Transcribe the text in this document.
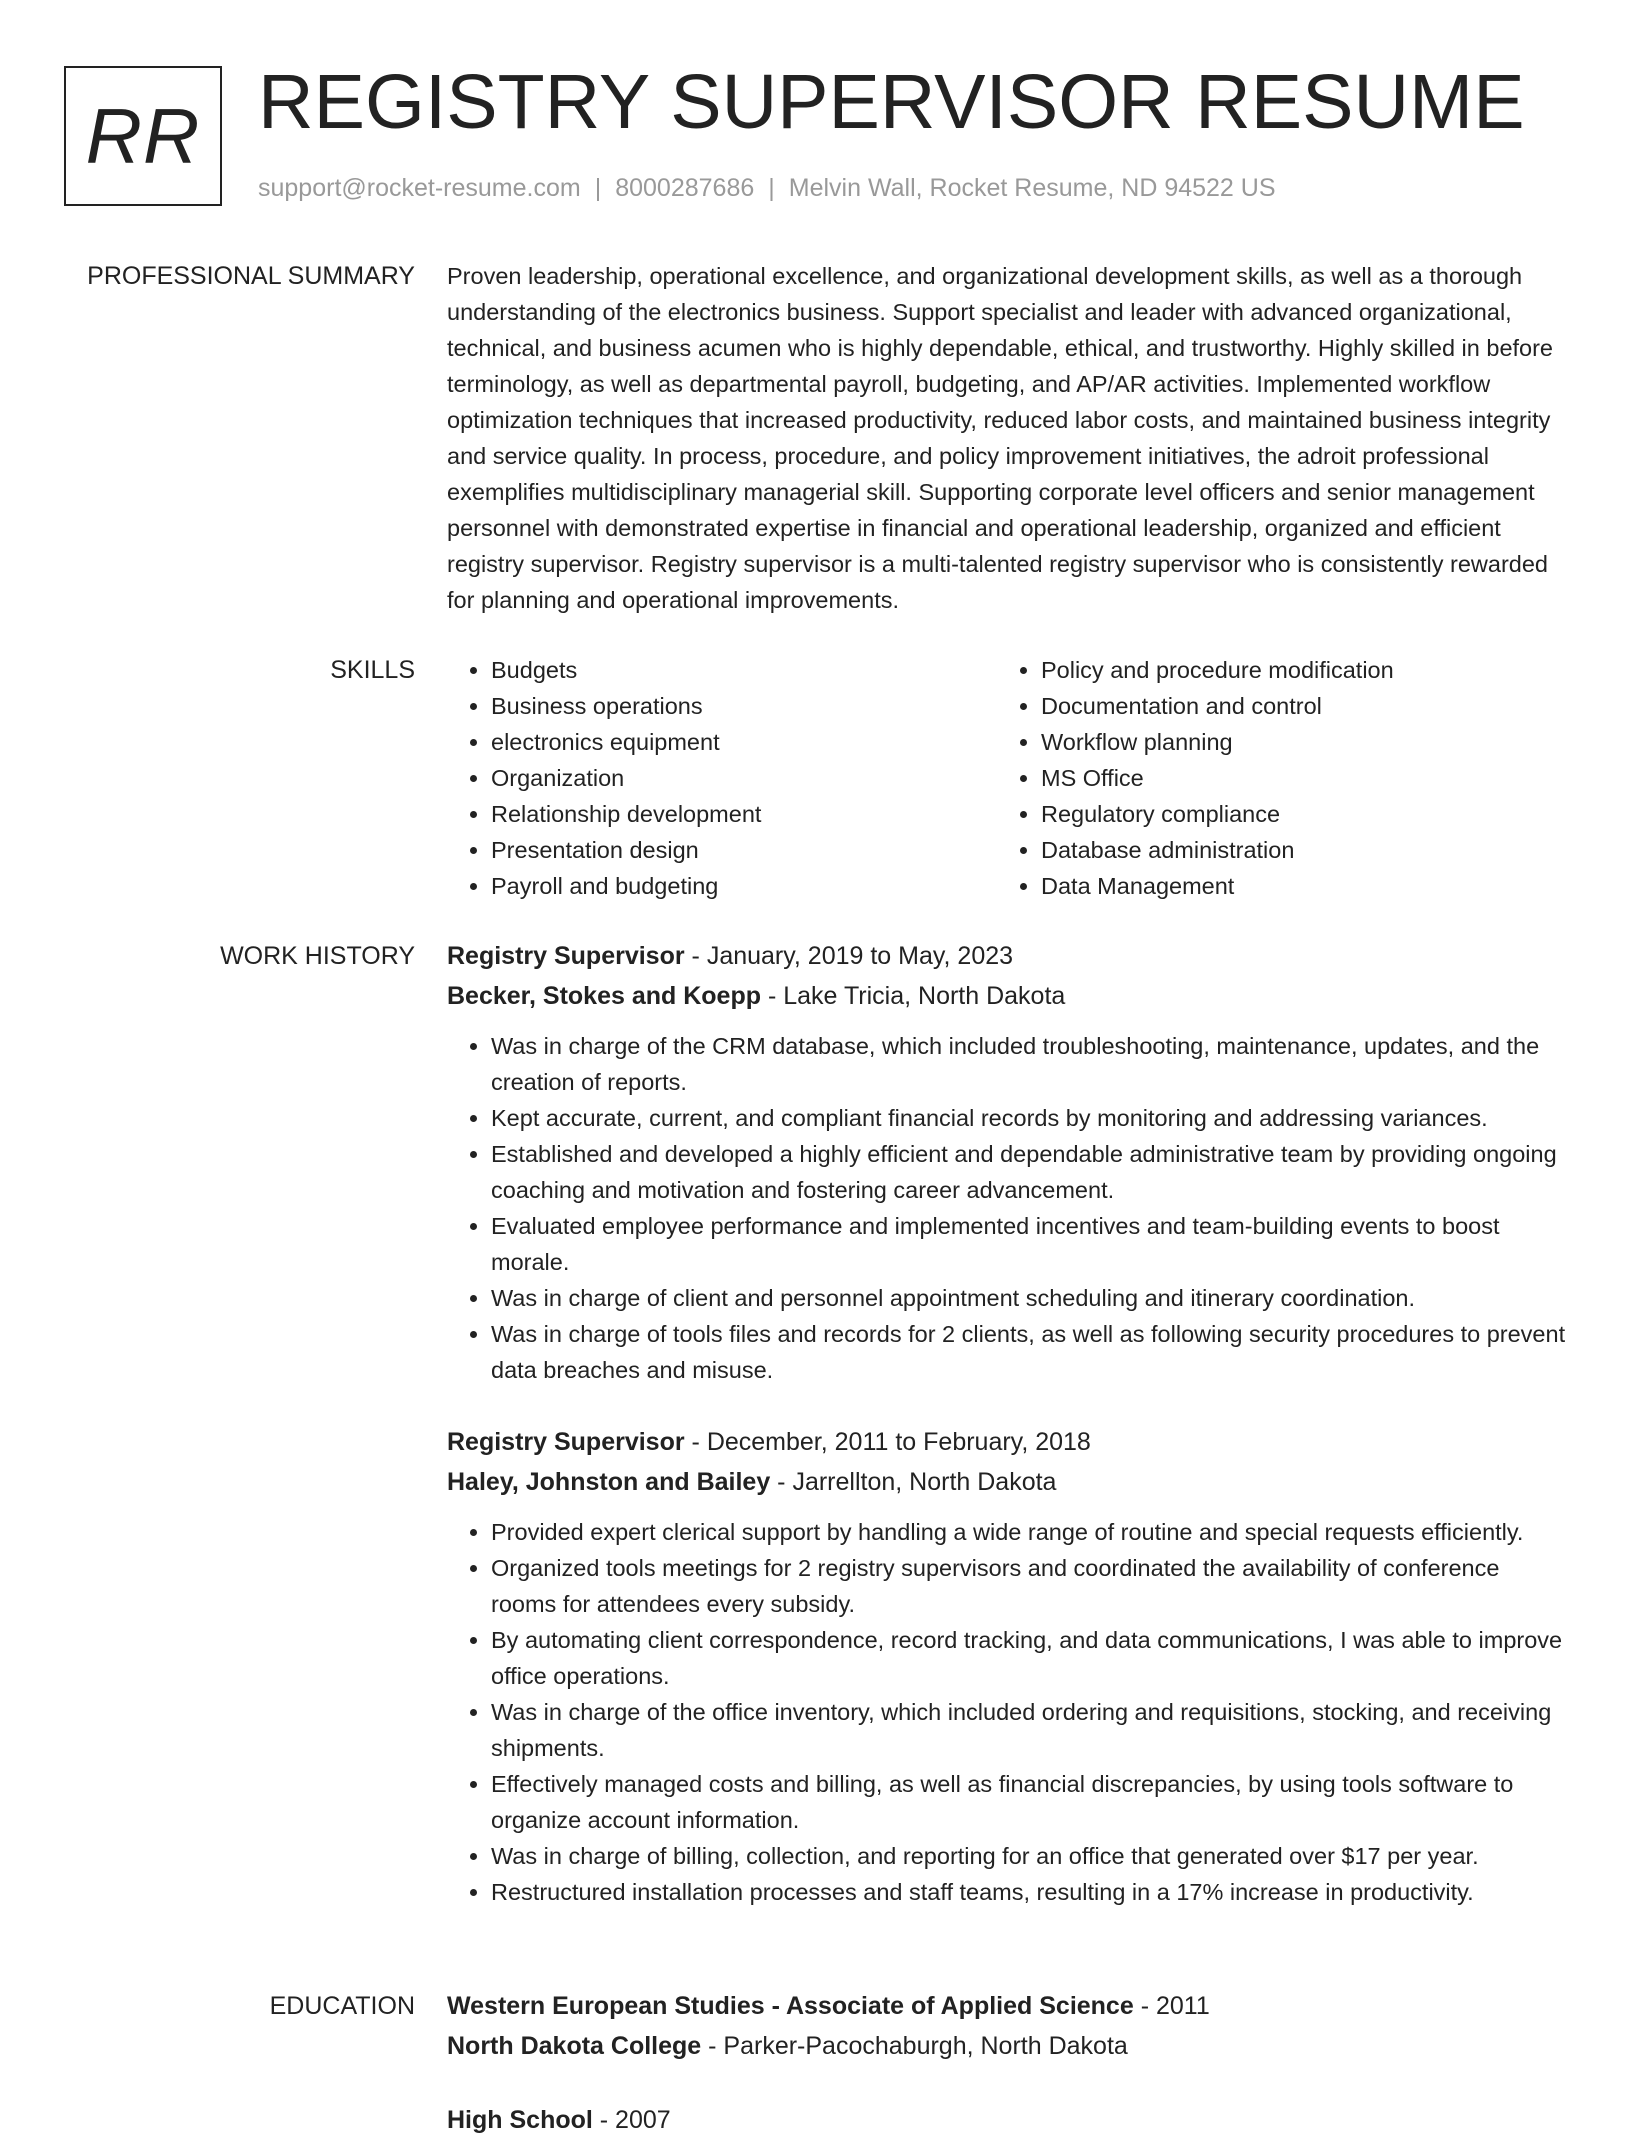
RR REGISTRY SUPERVISOR RESUME
support@rocket-resume.com | 8000287686 | Melvin Wall, Rocket Resume, ND 94522 US
PROFESSIONAL SUMMARY Proven leadership, operational excellence, and organizational development skills, as well as a thorough understanding of the electronics business. Support specialist and leader with advanced organizational, technical, and business acumen who is highly dependable, ethical, and trustworthy. Highly skilled in before terminology, as well as departmental payroll, budgeting, and AP/AR activities. Implemented workflow optimization techniques that increased productivity, reduced labor costs, and maintained business integrity and service quality. In process, procedure, and policy improvement initiatives, the adroit professional exemplifies multidisciplinary managerial skill. Supporting corporate level officers and senior management personnel with demonstrated expertise in financial and operational leadership, organized and efficient registry supervisor. Registry supervisor is a multi-talented registry supervisor who is consistently rewarded for planning and operational improvements.

SKILLS
•	Budgets
• Business operations
• electronics equipment
• Organization
• Relationship development
• Presentation design
• Payroll and budgeting
• Policy and procedure modification
• Documentation and control
• Workflow planning
• MS Office
• Regulatory compliance
• Database administration
• Data Management
WORK HISTORY Registry Supervisor - January, 2019 to May, 2023
Becker, Stokes and Koepp - Lake Tricia, North Dakota
• Was in charge of the CRM database, which included troubleshooting, maintenance, updates, and the creation of reports.
• Kept accurate, current, and compliant financial records by monitoring and addressing variances.
• Established and developed a highly efficient and dependable administrative team by providing ongoing coaching and motivation and fostering career advancement.
• Evaluated employee performance and implemented incentives and team-building events to boost morale.
• Was in charge of client and personnel appointment scheduling and itinerary coordination.
• Was in charge of tools files and records for 2 clients, as well as following security procedures to prevent data breaches and misuse.
Registry Supervisor - December, 2011 to February, 2018
Haley, Johnston and Bailey - Jarrellton, North Dakota
• Provided expert clerical support by handling a wide range of routine and special requests efficiently.
• Organized tools meetings for 2 registry supervisors and coordinated the availability of conference rooms for attendees every subsidy.
• By automating client correspondence, record tracking, and data communications, I was able to improve office operations.
• Was in charge of the office inventory, which included ordering and requisitions, stocking, and receiving shipments.
• Effectively managed costs and billing, as well as financial discrepancies, by using tools software to organize account information.
• Was in charge of billing, collection, and reporting for an office that generated over $17 per year.
• Restructured installation processes and staff teams, resulting in a 17% increase in productivity.
EDUCATION Western European Studies - Associate of Applied Science - 2011
North Dakota College - Parker-Pacochaburgh, North Dakota
High School - 2007
